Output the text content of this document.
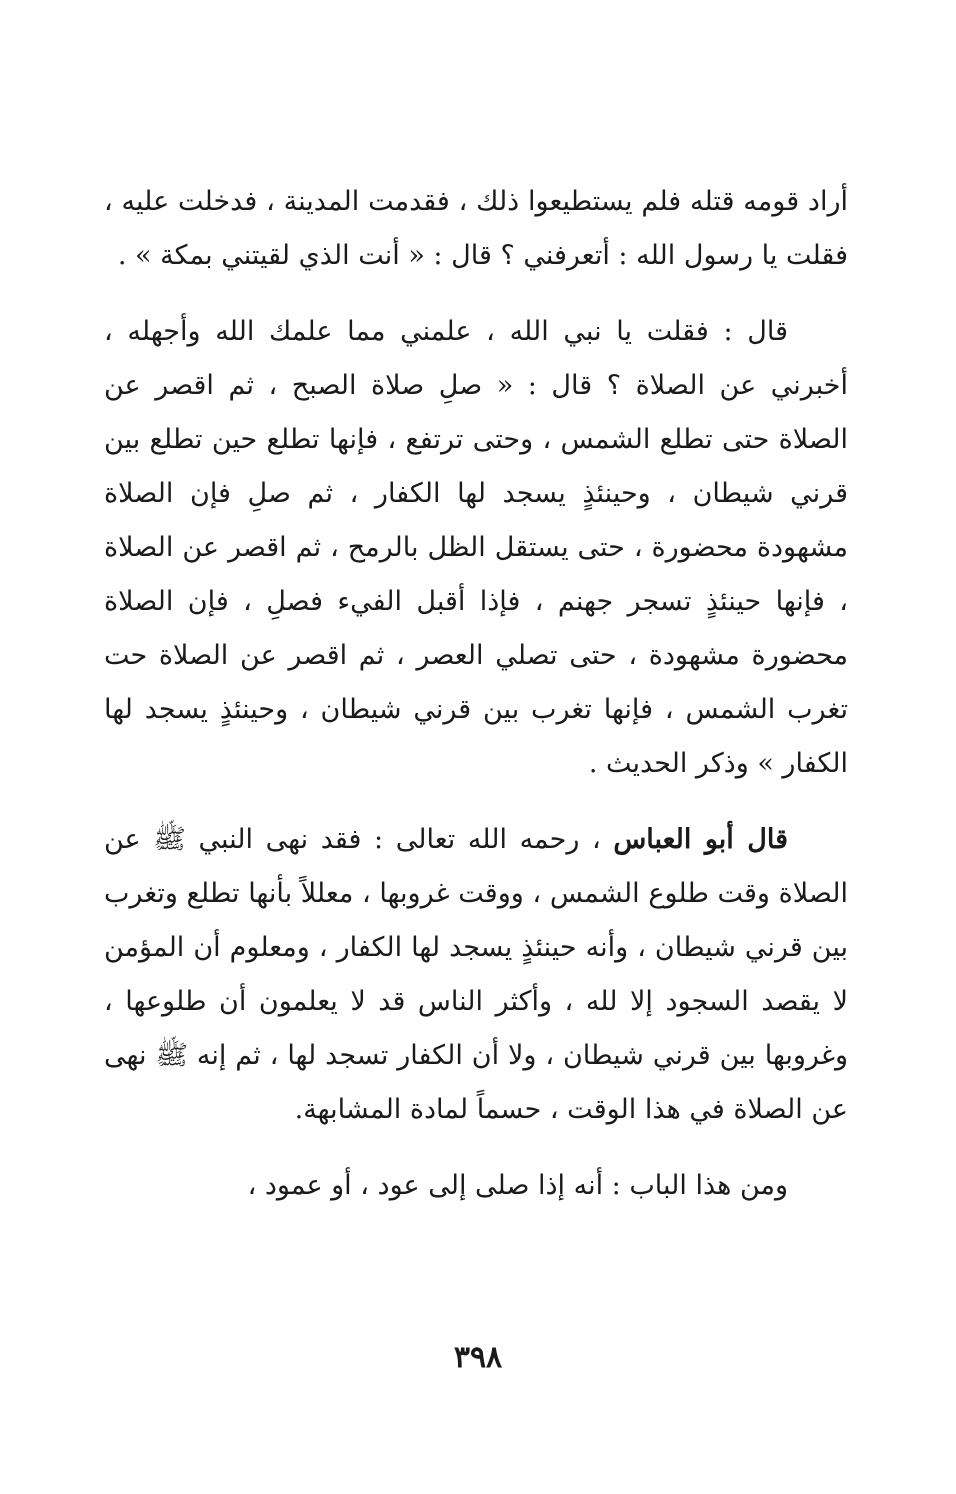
أراد قومه قتله فلم يستطيعوا ذلك ، فقدمت المدينة ، فدخلت عليه ، فقلت يا رسول الله : أتعرفني ؟ قال : « أنت الذي لقيتني بمكة » .

قال : فقلت يا نبي الله ، علمني مما علمك الله وأجهله ، أخبرني عن الصلاة ؟ قال : « صلِ صلاة الصبح ، ثم اقصر عن الصلاة حتى تطلع الشمس ، وحتى ترتفع ، فإنها تطلع حين تطلع بين قرني شيطان ، وحينئذٍ يسجد لها الكفار ، ثم صلِ فإن الصلاة مشهودة محضورة ، حتى يستقل الظل بالرمح ، ثم اقصر عن الصلاة ، فإنها حينئذٍ تسجر جهنم ، فإذا أقبل الفيء فصلِ ، فإن الصلاة محضورة مشهودة ، حتى تصلي العصر ، ثم اقصر عن الصلاة حت تغرب الشمس ، فإنها تغرب بين قرني شيطان ، وحينئذٍ يسجد لها الكفار » وذكر الحديث .

قال أبو العباس ، رحمه الله تعالى : فقد نهى النبي ﷺ عن الصلاة وقت طلوع الشمس ، ووقت غروبها ، معللاً بأنها تطلع وتغرب بين قرني شيطان ، وأنه حينئذٍ يسجد لها الكفار ، ومعلوم أن المؤمن لا يقصد السجود إلا لله ، وأكثر الناس قد لا يعلمون أن طلوعها ، وغروبها بين قرني شيطان ، ولا أن الكفار تسجد لها ، ثم إنه ﷺ نهى عن الصلاة في هذا الوقت ، حسماً لمادة المشابهة.

ومن هذا الباب : أنه إذا صلى إلى عود ، أو عمود ،

٣٩٨
